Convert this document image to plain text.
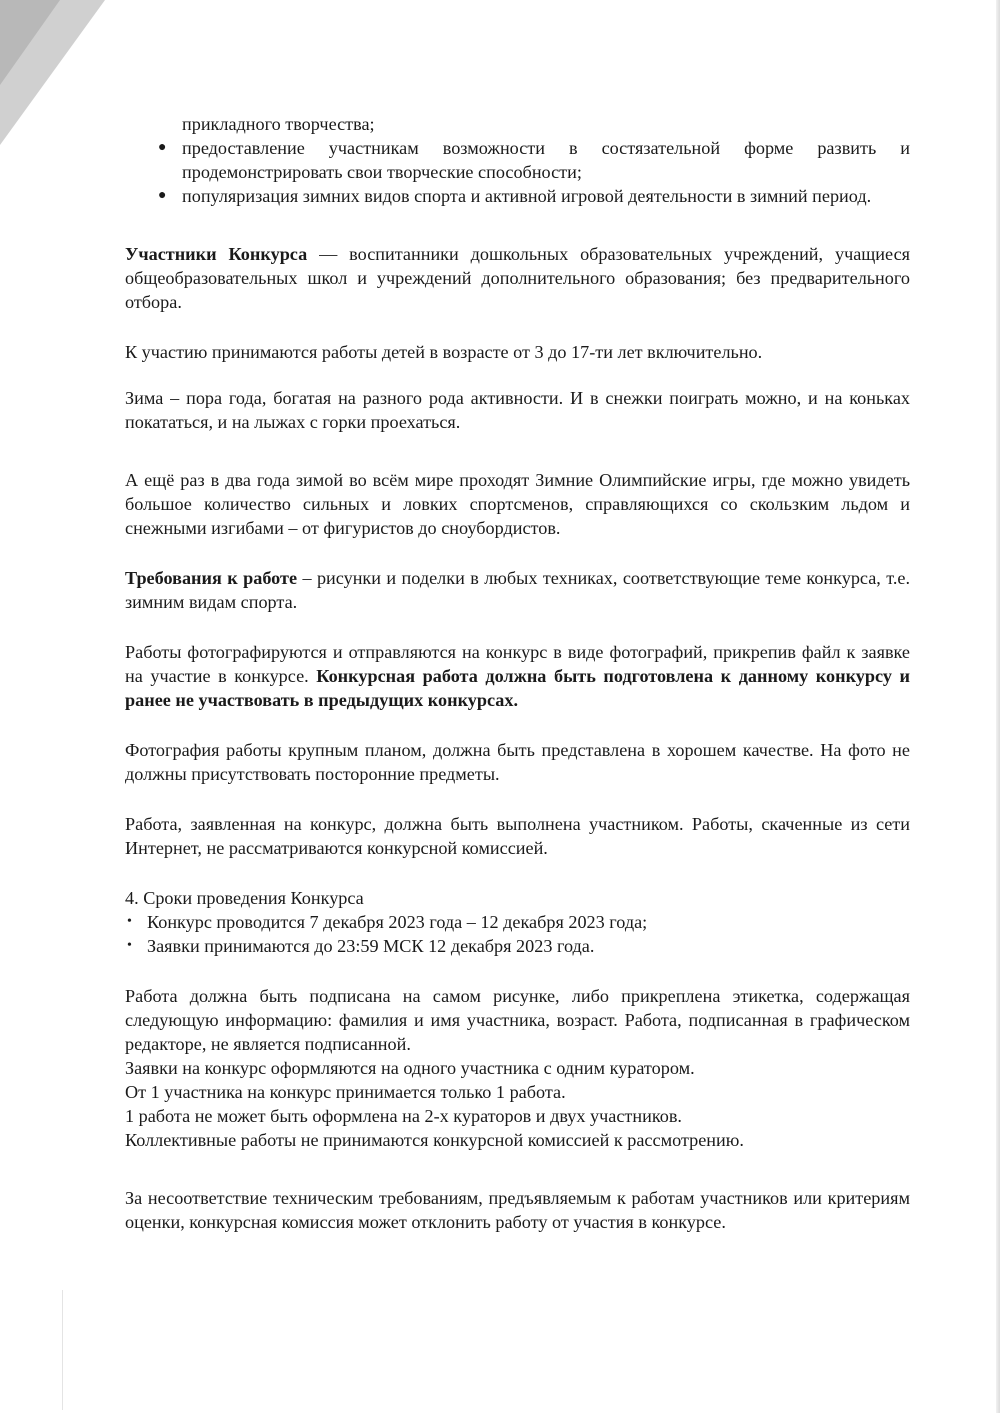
прикладного творчества;

● предоставление участникам возможности в состязательной форме развить и продемонстрировать свои творческие способности;
● популяризация зимних видов спорта и активной игровой деятельности в зимний период.

Участники Конкурса — воспитанники дошкольных образовательных учреждений, учащиеся общеобразовательных школ и учреждений дополнительного образования; без предварительного отбора.

К участию принимаются работы детей в возрасте от 3 до 17-ти лет включительно.

Зима – пора года, богатая на разного рода активности. И в снежки поиграть можно, и на коньках покататься, и на лыжах с горки проехаться.

А ещё раз в два года зимой во всём мире проходят Зимние Олимпийские игры, где можно увидеть большое количество сильных и ловких спортсменов, справляющихся со скользким льдом и снежными изгибами – от фигуристов до сноубордистов.

Требования к работе – рисунки и поделки в любых техниках, соответствующие теме конкурса, т.е. зимним видам спорта.

Работы фотографируются и отправляются на конкурс в виде фотографий, прикрепив файл к заявке на участие в конкурсе. Конкурсная работа должна быть подготовлена к данному конкурсу и ранее не участвовать в предыдущих конкурсах.

Фотография работы крупным планом, должна быть представлена в хорошем качестве. На фото не должны присутствовать посторонние предметы.

Работа, заявленная на конкурс, должна быть выполнена участником. Работы, скаченные из сети Интернет, не рассматриваются конкурсной комиссией.

4. Сроки проведения Конкурса

• Конкурс проводится 7 декабря 2023 года – 12 декабря 2023 года;
• Заявки принимаются до 23:59 МСК 12 декабря 2023 года.

Работа должна быть подписана на самом рисунке, либо прикреплена этикетка, содержащая следующую информацию: фамилия и имя участника, возраст. Работа, подписанная в графическом редакторе, не является подписанной.

Заявки на конкурс оформляются на одного участника с одним куратором.

От 1 участника на конкурс принимается только 1 работа.

1 работа не может быть оформлена на 2-х кураторов и двух участников.

Коллективные работы не принимаются конкурсной комиссией к рассмотрению.

За несоответствие техническим требованиям, предъявляемым к работам участников или критериям оценки, конкурсная комиссия может отклонить работу от участия в конкурсе.
